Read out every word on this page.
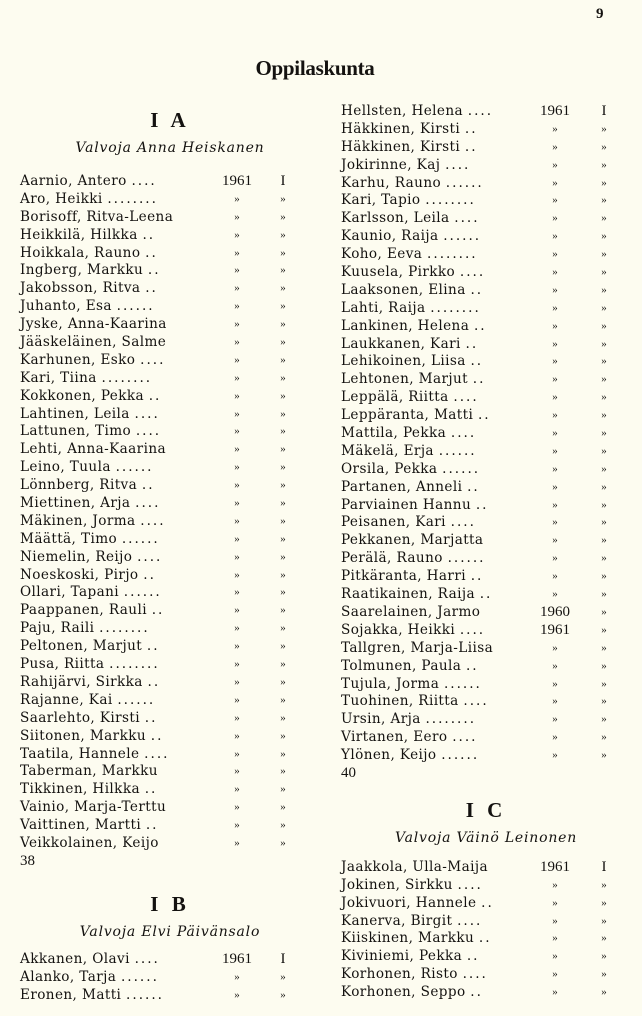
9
Oppilaskunta
I A
Valvoja Anna Heiskanen
Aarnio, Antero ....	1961	I
Aro, Heikki ........	»	»
Borisoff, Ritva-Leena	»	»
Heikkilä, Hilkka ..	»	»
Hoikkala, Rauno ..	»	»
Ingberg, Markku ..	»	»
Jakobsson, Ritva ..	»	»
Juhanto, Esa ......	»	»
Jyske, Anna-Kaarina	»	»
Jääskeläinen, Salme	»	»
Karhunen, Esko ....	»	»
Kari, Tiina ........	»	»
Kokkonen, Pekka ..	»	»
Lahtinen, Leila ....	»	»
Lattunen, Timo ....	»	»
Lehti, Anna-Kaarina	»	»
Leino, Tuula ......	»	»
Lönnberg, Ritva ..	»	»
Miettinen, Arja ....	»	»
Mäkinen, Jorma ....	»	»
Määttä, Timo ......	»	»
Niemelin, Reijo ....	»	»
Noeskoski, Pirjo ..	»	»
Ollari, Tapani ......	»	»
Paappanen, Rauli ..	»	»
Paju, Raili ........	»	»
Peltonen, Marjut ..	»	»
Pusa, Riitta ........	»	»
Rahijärvi, Sirkka ..	»	»
Rajanne, Kai ......	»	»
Saarlehto, Kirsti ..	»	»
Siitonen, Markku ..	»	»
Taatila, Hannele ....	»	»
Taberman, Markku	»	»
Tikkinen, Hilkka ..	»	»
Vainio, Marja-Terttu	»	»
Vaittinen, Martti ..	»	»
Veikkolainen, Keijo	»	»
38
I B
Valvoja Elvi Päivänsalo
Akkanen, Olavi ....	1961	I
Alanko, Tarja ......	»	»
Eronen, Matti ......	»	»
Hellsten, Helena ....	1961	I
Häkkinen, Kirsti ..	»	»
Häkkinen, Kirsti ..	»	»
Jokirinne, Kaj ....	»	»
Karhu, Rauno ......	»	»
Kari, Tapio ........	»	»
Karlsson, Leila ....	»	»
Kaunio, Raija ......	»	»
Koho, Eeva ........	»	»
Kuusela, Pirkko ....	»	»
Laaksonen, Elina ..	»	»
Lahti, Raija ........	»	»
Lankinen, Helena ..	»	»
Laukkanen, Kari ..	»	»
Lehikoinen, Liisa ..	»	»
Lehtonen, Marjut ..	»	»
Leppälä, Riitta ....	»	»
Leppäranta, Matti ..	»	»
Mattila, Pekka ....	»	»
Mäkelä, Erja ......	»	»
Orsila, Pekka ......	»	»
Partanen, Anneli ..	»	»
Parviainen Hannu ..	»	»
Peisanen, Kari ....	»	»
Pekkanen, Marjatta	»	»
Perälä, Rauno ......	»	»
Pitkäranta, Harri ..	»	»
Raatikainen, Raija ..	»	»
Saarelainen, Jarmo	1960	»
Sojakka, Heikki ....	1961	»
Tallgren, Marja-Liisa	»	»
Tolmunen, Paula ..	»	»
Tujula, Jorma ......	»	»
Tuohinen, Riitta ....	»	»
Ursin, Arja ........	»	»
Virtanen, Eero ....	»	»
Ylönen, Keijo ......	»	»
40
I C
Valvoja Väinö Leinonen
Jaakkola, Ulla-Maija	1961	I
Jokinen, Sirkku ....	»	»
Jokivuori, Hannele ..	»	»
Kanerva, Birgit ....	»	»
Kiiskinen, Markku ..	»	»
Kiviniemi, Pekka ..	»	»
Korhonen, Risto ....	»	»
Korhonen, Seppo ..	»	»
